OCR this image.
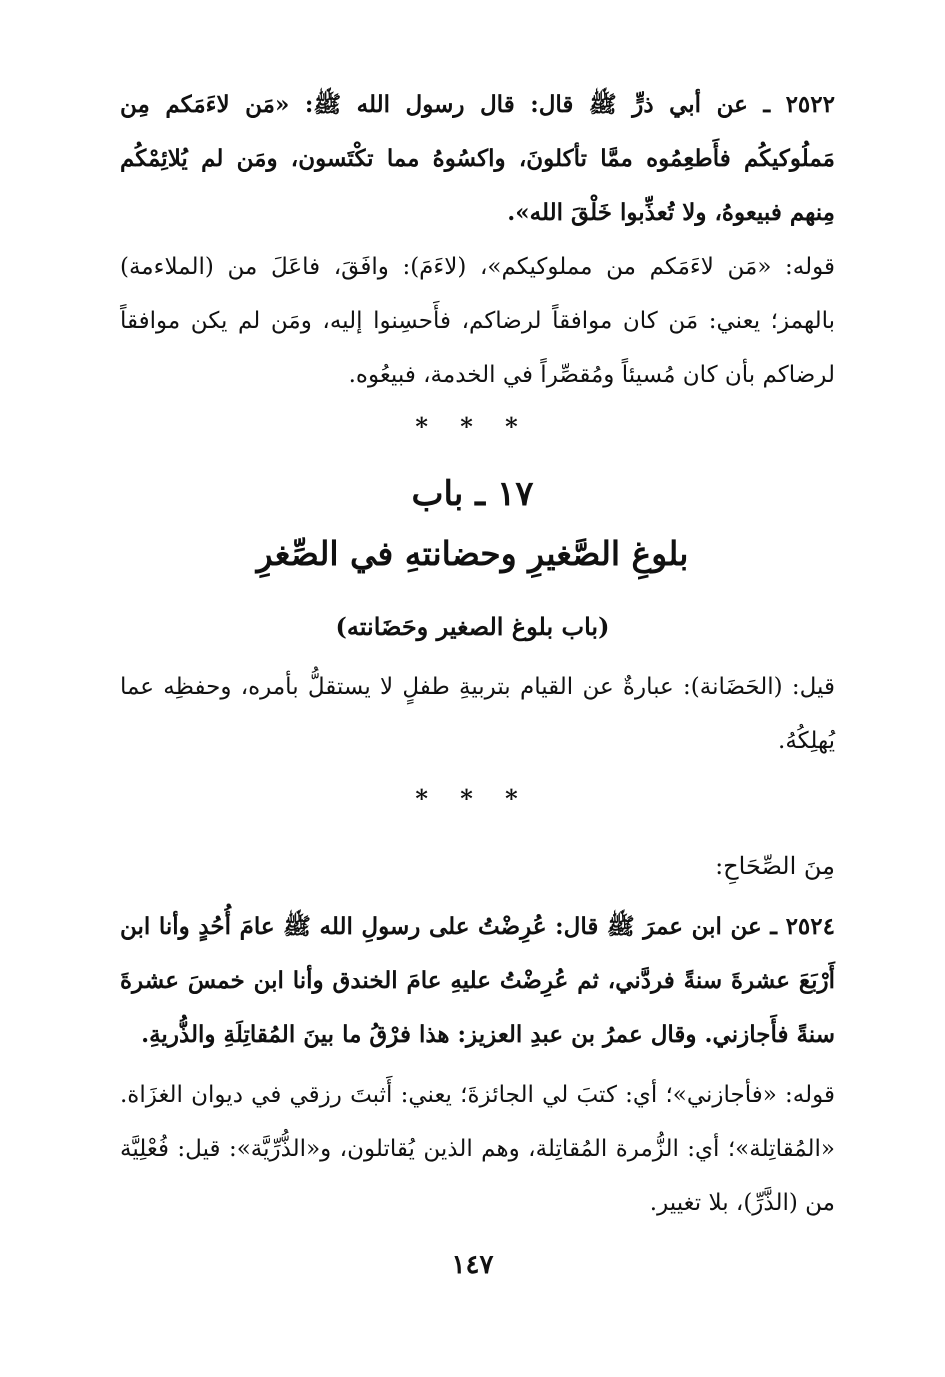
٢٥٢٢ ـ عن أبي ذرٍّ ﷺ قال: قال رسول الله ﷺ: «مَن لاءَمَكم مِن مَملُوكيكُم فأَطعِمُوه ممَّا تأكلونَ، واكسُوهُ مما تكْتَسون، ومَن لم يُلائِمْكُم مِنهم فبيعوهُ، ولا تُعذِّبوا خَلْقَ الله».

قوله: «مَن لاءَمَكم من مملوكيكم»، (لاءَمَ): وافَقَ، فاعَلَ من (الملاءمة) بالهمز؛ يعني: مَن كان موافقاً لرضاكم، فأَحسِنوا إليه، ومَن لم يكن موافقاً لرضاكم بأن كان مُسيئاً ومُقصِّراً في الخدمة، فبيعُوه.

* * *

١٧ ـ باب

بلوغِ الصَّغيرِ وحضانتهِ في الصِّغرِ

(باب بلوغ الصغير وحَضَانته)

قيل: (الحَضَانة): عبارةٌ عن القيام بتربيةِ طفلٍ لا يستقلُّ بأمره، وحفظِه عما يُهلِكُهُ.

* * *

مِنَ الصِّحَاحِ:

٢٥٢٤ ـ عن ابن عمرَ ﷺ قال: عُرِضْتُ على رسولِ الله ﷺ عامَ أُحُدٍ وأنا ابن أَرْبَعَ عشرةَ سنةً فردَّني، ثم عُرِضْتُ عليهِ عامَ الخندق وأنا ابن خمسَ عشرةَ سنةً فأَجازني. وقال عمرُ بن عبدِ العزيز: هذا فرْقُ ما بينَ المُقاتِلَةِ والذُّريةِ.

قوله: «فأجازني»؛ أي: كتبَ لي الجائزةَ؛ يعني: أَثبتَ رزقي في ديوان الغزَاة. «المُقاتِلة»؛ أي: الزُّمرة المُقاتِلة، وهم الذين يُقاتلون، و«الذُّرِّيَّة»: قيل: فُعْلِيَّة من (الذَّرِّ)، بلا تغيير.

١٤٧
